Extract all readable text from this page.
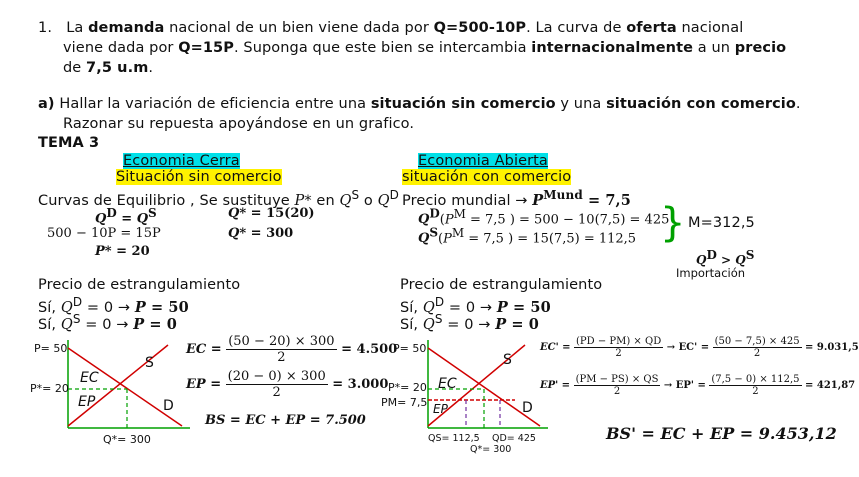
1. La demanda nacional de un bien viene dada por Q=500-10P. La curva de oferta nacional
viene dada por Q=15P. Suponga que este bien se intercambia internacionalmente a un precio
de 7,5 u.m.
a) Hallar la variación de eficiencia entre una situación sin comercio y una situación con comercio.
Razonar su repuesta apoyándose en un grafico.
TEMA 3
Economia Cerra
Situación sin comercio
Curvas de Equilibrio , Se sustituye P* en $Q^S$ o $Q^D$
$Q^D = Q^S$
500 − 10P = 15P
P* = 20
Q* = 15(20)
Q* = 300
Precio de estrangulamiento
Sí, $Q^D = 0 \to P = 50$
Sí, $Q^S = 0 \to P = 0$
EC = $\frac{(50 - 20) \times 300}{2} = 4.500$
EP = $\frac{(20 - 0) \times 300}{2} = 3.000$
BS = EC + EP = 7.500
Economia Abierta
situación con comercio
Precio mundial → $P^{Mund} = 7,5$
$Q^D(P^M = 7,5$ ) = 500 − 10(7,5) = 425
$Q^S(P^M = 7,5$ ) = 15(7,5) = 112,5 } M=312,5
$Q^D > Q^S$
Importación
Precio de estrangulamiento
Sí, $Q^D = 0 \to P = 50$
Sí, $Q^S = 0 \to P = 0$
$EC' = \frac{(PD - PM) \times QD}{2} \to EC' = \frac{(50 - 7,5) \times 425}{2} = 9.031,5$
$EP' = \frac{(PM - PS) \times QS}{2} \to EP' = \frac{(7,5 - 0) \times 112,5}{2} = 421,87$
BS' = EC + EP = 9.453,12
P= 50
P*= 20
Q*= 300
S
D
EC
EP
P= 50
P*= 20
PM= 7,5
QS= 112,5 QD= 425
Q*= 300
S
D
EC
EP
